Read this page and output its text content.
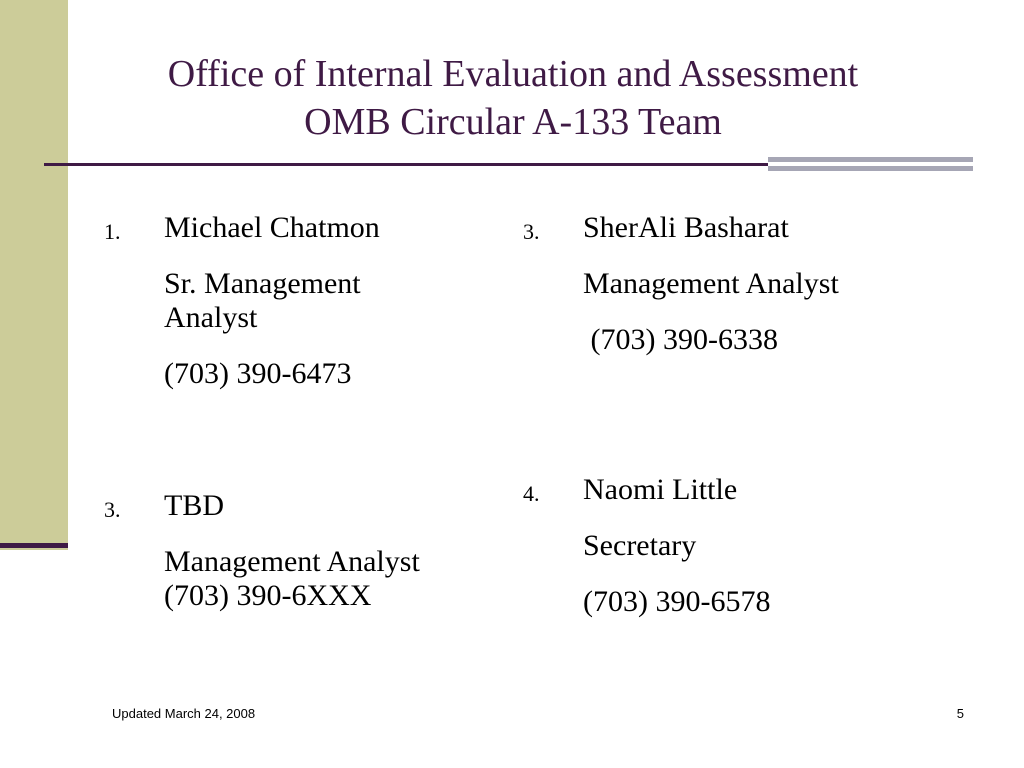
Office of Internal Evaluation and Assessment
OMB Circular A-133 Team
1. Michael Chatmon
Sr. Management
Analyst
(703) 390-6473
3. TBD
Management Analyst
(703) 390-6XXX
3. SherAli Basharat
Management Analyst
(703) 390-6338
4. Naomi Little
Secretary
(703) 390-6578
Updated March 24, 2008	5
